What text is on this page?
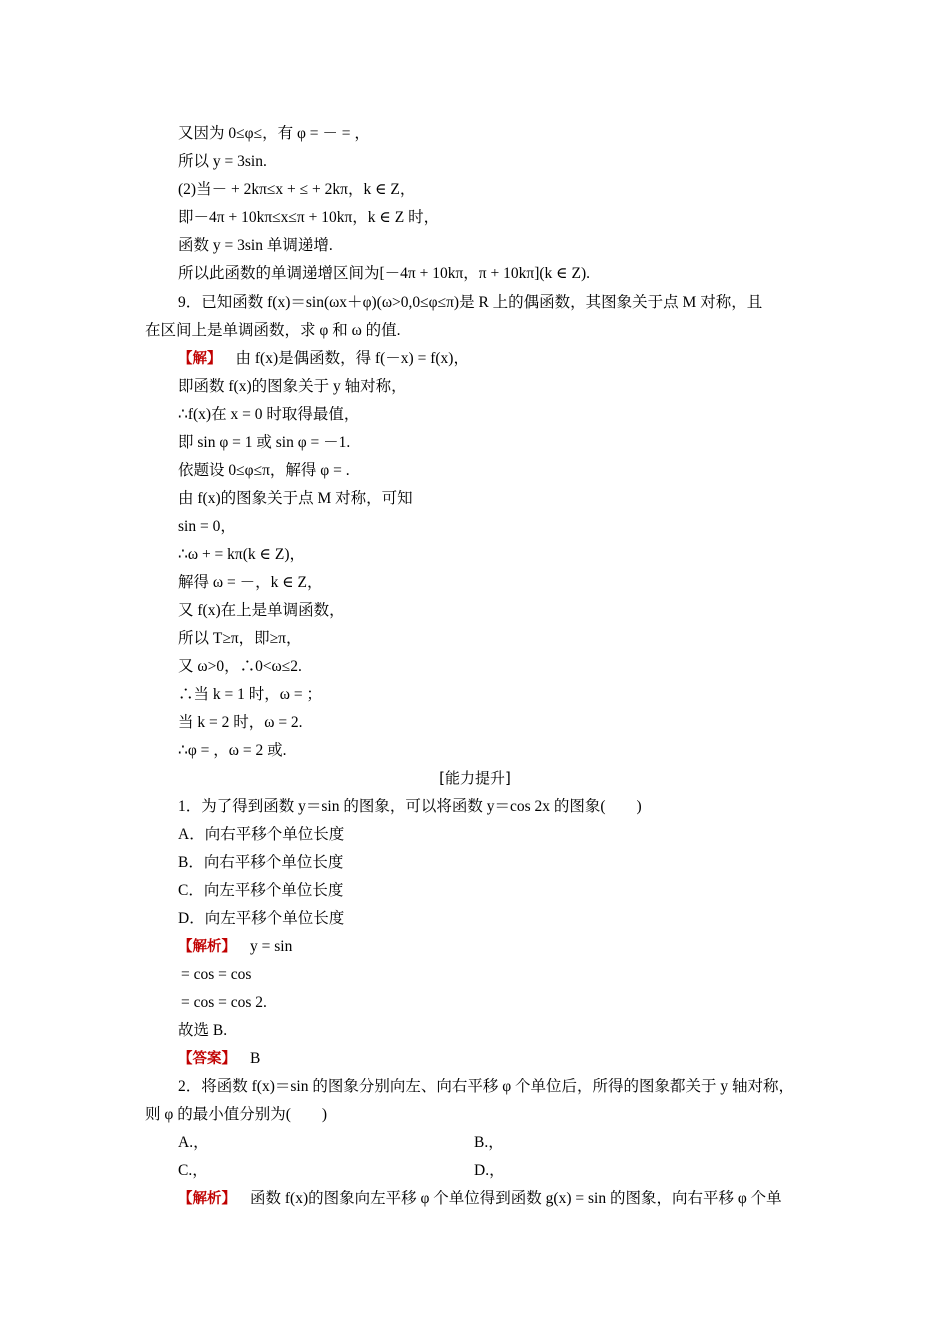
又因为 0≤φ≤，有 φ = － = ，
所以 y = 3sin.
(2)当－ + 2kπ≤x + ≤ + 2kπ，k ∈ Z，
即－4π + 10kπ≤x≤π + 10kπ，k ∈ Z 时，
函数 y = 3sin 单调递增.
所以此函数的单调递增区间为[－4π + 10kπ，π + 10kπ](k ∈ Z).
9．已知函数 f(x)＝sin(ωx＋φ)(ω>0,0≤φ≤π)是 R 上的偶函数，其图象关于点 M 对称，且
在区间上是单调函数，求 φ 和 ω 的值.
【解】 由 f(x)是偶函数，得 f(－x) = f(x)，
即函数 f(x)的图象关于 y 轴对称，
∴f(x)在 x = 0 时取得最值，
即 sin φ = 1 或 sin φ = －1.
依题设 0≤φ≤π，解得 φ = .
由 f(x)的图象关于点 M 对称，可知
sin = 0，
∴ω + = kπ(k ∈ Z)，
解得 ω = －，k ∈ Z，
又 f(x)在上是单调函数，
所以 T≥π，即≥π，
又 ω>0，∴0<ω≤2.
∴当 k = 1 时，ω = ；
当 k = 2 时，ω = 2.
∴φ = ，ω = 2 或.
[能力提升]
1．为了得到函数 y＝sin 的图象，可以将函数 y＝cos 2x 的图象(　　)
A．向右平移个单位长度
B．向右平移个单位长度
C．向左平移个单位长度
D．向左平移个单位长度
【解析】 y = sin
= cos = cos
= cos = cos 2.
故选 B.
【答案】 B
2．将函数 f(x)＝sin 的图象分别向左、向右平移 φ 个单位后，所得的图象都关于 y 轴对称，
则 φ 的最小值分别为(　　)
A.，	B.，
C.，	D.，
【解析】 函数 f(x)的图象向左平移 φ 个单位得到函数 g(x) = sin 的图象，向右平移 φ 个单
